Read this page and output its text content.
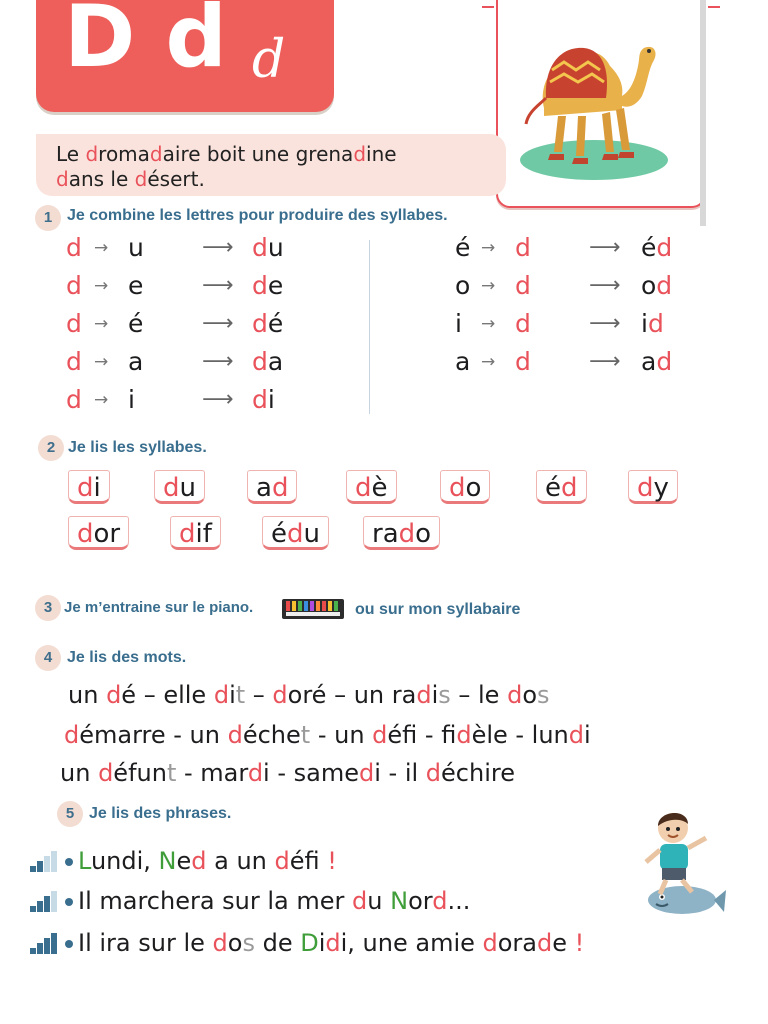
D d d
Le dromadaire boit une grenadine
dans le désert.
1 Je combine les lettres pour produire des syllabes.
d → u	⟶ du
d → e	⟶ de
d → é	⟶ dé
d → a	⟶ da
d → i	⟶ di
é → d	⟶ éd
o → d	⟶ od
i → d	⟶ id
a → d	⟶ ad
2 Je lis les syllabes.
di	du	ad	dè	do	éd	dy
dor	dif	édu	rado
3 Je m’entraine sur le piano.	ou sur mon syllabaire
4 Je lis des mots.
un dé – elle dit – doré – un radis – le dos
démarre - un déchet - un défi - fidèle - lundi
un défunt - mardi - samedi - il déchire
5 Je lis des phrases.
Lundi, Ned a un défi !
Il marchera sur la mer du Nord...
Il ira sur le dos de Didi, une amie dorade !
